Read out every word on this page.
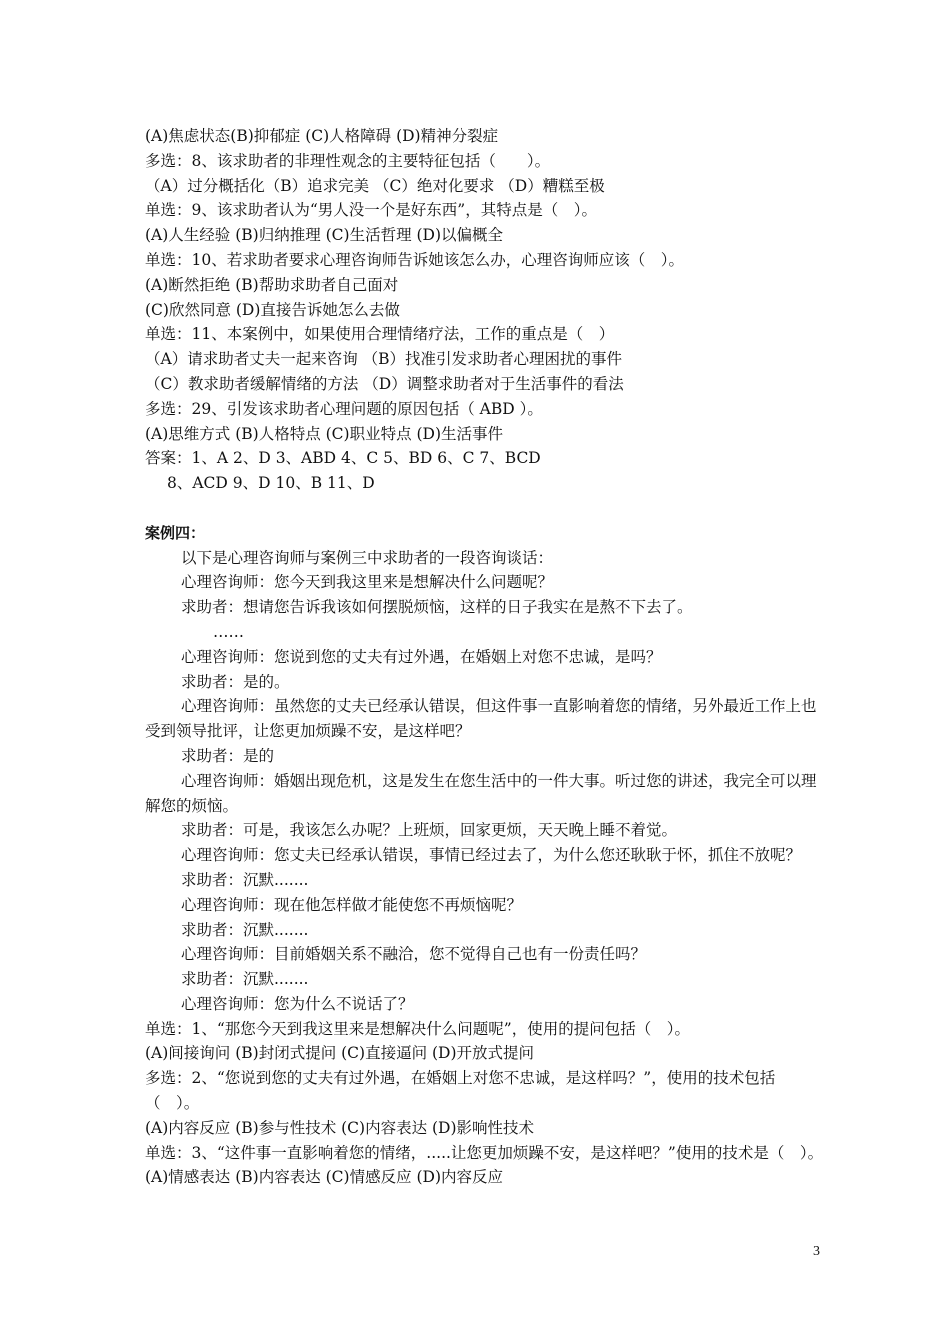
(A)焦虑状态(B)抑郁症 (C)人格障碍 (D)精神分裂症
多选：8、该求助者的非理性观念的主要特征包括（　　）。
（A）过分概括化（B）追求完美 （C）绝对化要求 （D）糟糕至极
单选：9、该求助者认为“男人没一个是好东西”，其特点是（　）。
(A)人生经验 (B)归纳推理 (C)生活哲理 (D)以偏概全
单选：10、若求助者要求心理咨询师告诉她该怎么办，心理咨询师应该（　）。
(A)断然拒绝 (B)帮助求助者自己面对
(C)欣然同意 (D)直接告诉她怎么去做
单选：11、本案例中，如果使用合理情绪疗法，工作的重点是（　）
（A）请求助者丈夫一起来咨询 （B）找准引发求助者心理困扰的事件
（C）教求助者缓解情绪的方法 （D）调整求助者对于生活事件的看法
多选：29、引发该求助者心理问题的原因包括（ ABD ）。
(A)思维方式 (B)人格特点 (C)职业特点 (D)生活事件
答案：1、A 2、D 3、ABD 4、C 5、BD 6、C 7、BCD
8、ACD 9、D 10、B 11、D
案例四：
以下是心理咨询师与案例三中求助者的一段咨询谈话：
心理咨询师：您今天到我这里来是想解决什么问题呢？
求助者：想请您告诉我该如何摆脱烦恼，这样的日子我实在是熬不下去了。
……
心理咨询师：您说到您的丈夫有过外遇，在婚姻上对您不忠诚，是吗？
求助者：是的。
心理咨询师：虽然您的丈夫已经承认错误，但这件事一直影响着您的情绪，另外最近工作上也受到领导批评，让您更加烦躁不安，是这样吧？
求助者：是的
心理咨询师：婚姻出现危机，这是发生在您生活中的一件大事。听过您的讲述，我完全可以理解您的烦恼。
求助者：可是，我该怎么办呢？上班烦，回家更烦，天天晚上睡不着觉。
心理咨询师：您丈夫已经承认错误，事情已经过去了，为什么您还耿耿于怀，抓住不放呢？
求助者：沉默.......
心理咨询师：现在他怎样做才能使您不再烦恼呢？
求助者：沉默.......
心理咨询师：目前婚姻关系不融洽，您不觉得自己也有一份责任吗？
求助者：沉默.......
心理咨询师：您为什么不说话了？
单选：1、“那您今天到我这里来是想解决什么问题呢”，使用的提问包括（　）。
(A)间接询问 (B)封闭式提问 (C)直接逼问 (D)开放式提问
多选：2、“您说到您的丈夫有过外遇，在婚姻上对您不忠诚，是这样吗？”，使用的技术包括（　）。
(A)内容反应 (B)参与性技术 (C)内容表达 (D)影响性技术
单选：3、“这件事一直影响着您的情绪，.....让您更加烦躁不安，是这样吧？”使用的技术是（　）。
(A)情感表达 (B)内容表达 (C)情感反应 (D)内容反应
3
